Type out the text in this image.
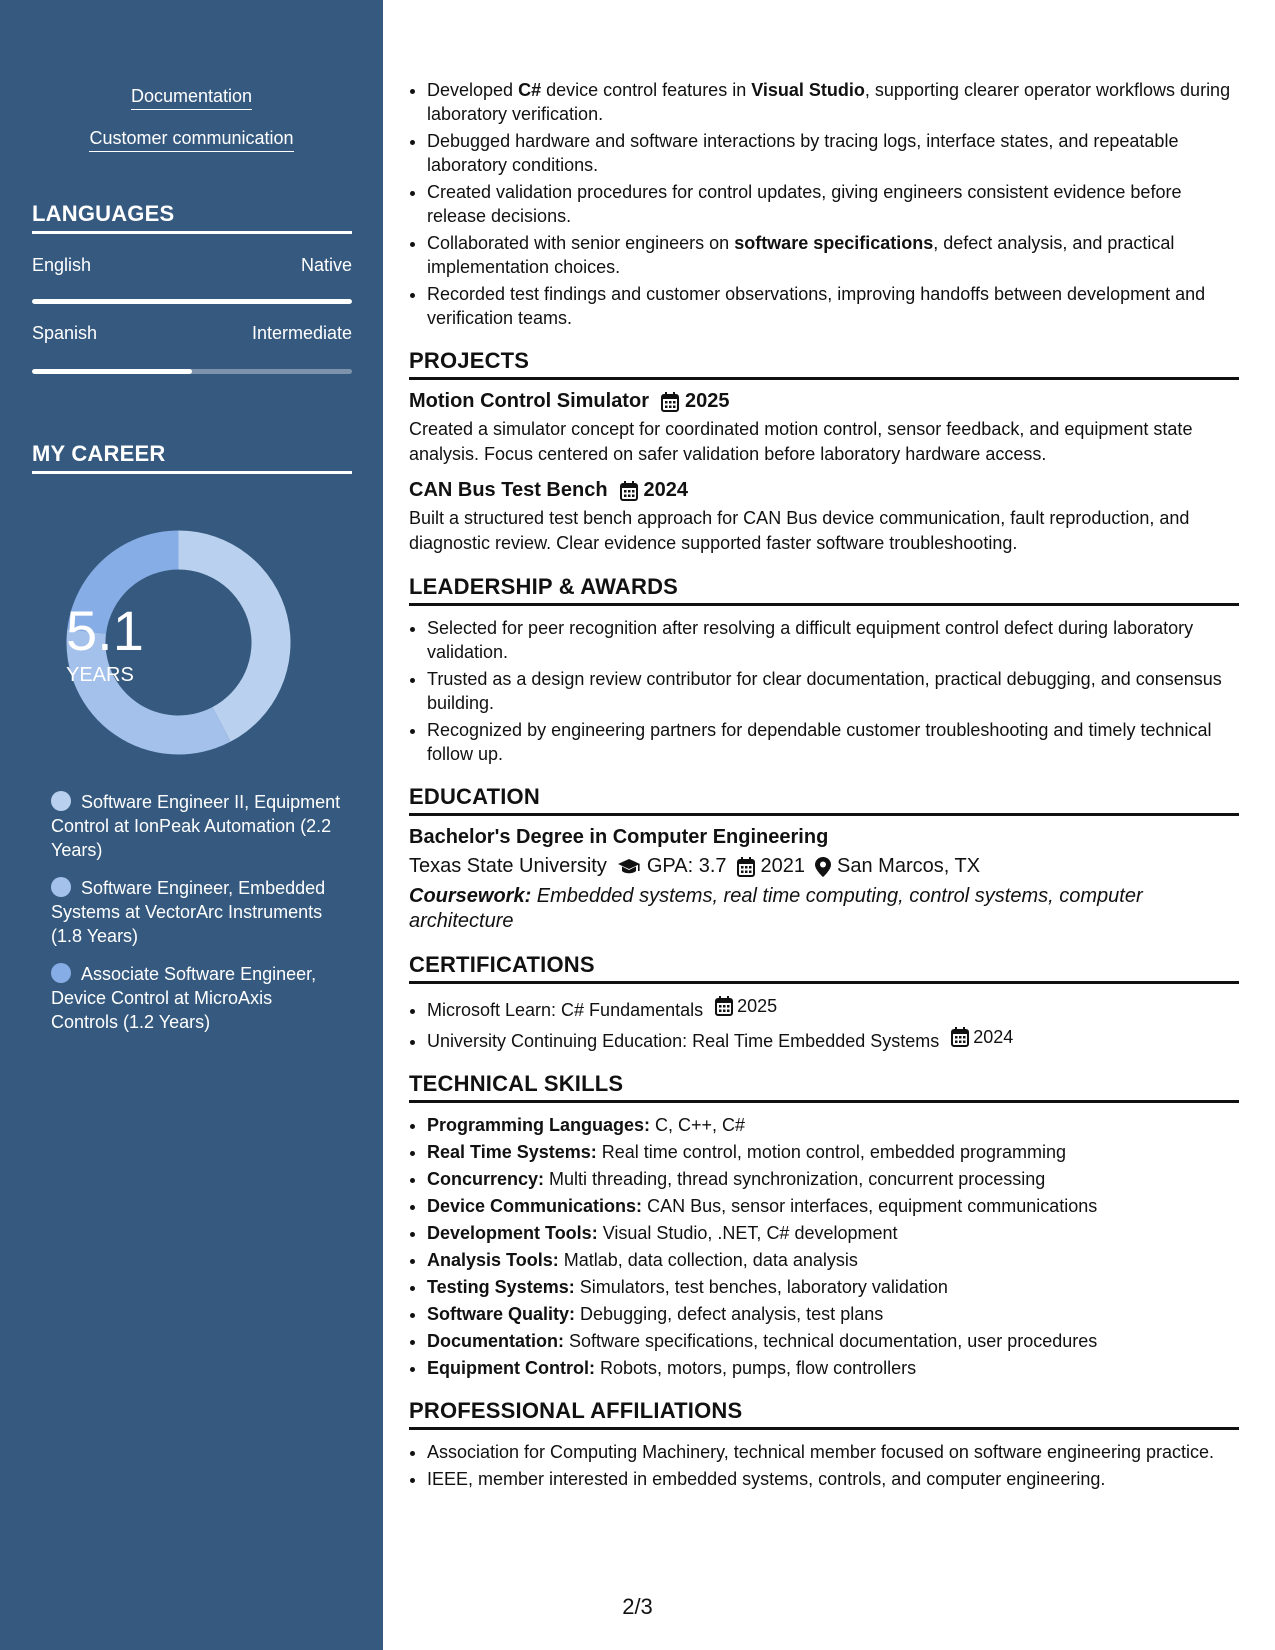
Documentation
Customer communication
LANGUAGES
English	Native
Spanish	Intermediate
MY CAREER
5.1
YEARS
Software Engineer II, Equipment Control at IonPeak Automation (2.2 Years)
Software Engineer, Embedded Systems at VectorArc Instruments (1.8 Years)
Associate Software Engineer, Device Control at MicroAxis Controls (1.2 Years)
• Developed C# device control features in Visual Studio, supporting clearer operator workflows during laboratory verification.
• Debugged hardware and software interactions by tracing logs, interface states, and repeatable laboratory conditions.
• Created validation procedures for control updates, giving engineers consistent evidence before release decisions.
• Collaborated with senior engineers on software specifications, defect analysis, and practical implementation choices.
• Recorded test findings and customer observations, improving handoffs between development and verification teams.
PROJECTS
Motion Control Simulator 2025
Created a simulator concept for coordinated motion control, sensor feedback, and equipment state analysis. Focus centered on safer validation before laboratory hardware access.
CAN Bus Test Bench 2024
Built a structured test bench approach for CAN Bus device communication, fault reproduction, and diagnostic review. Clear evidence supported faster software troubleshooting.
LEADERSHIP & AWARDS
• Selected for peer recognition after resolving a difficult equipment control defect during laboratory validation.
• Trusted as a design review contributor for clear documentation, practical debugging, and consensus building.
• Recognized by engineering partners for dependable customer troubleshooting and timely technical follow up.
EDUCATION
Bachelor's Degree in Computer Engineering
Texas State University GPA: 3.7 2021 San Marcos, TX
Coursework: Embedded systems, real time computing, control systems, computer architecture
CERTIFICATIONS
• Microsoft Learn: C# Fundamentals 2025
• University Continuing Education: Real Time Embedded Systems 2024
TECHNICAL SKILLS
• Programming Languages: C, C++, C#
• Real Time Systems: Real time control, motion control, embedded programming
• Concurrency: Multi threading, thread synchronization, concurrent processing
• Device Communications: CAN Bus, sensor interfaces, equipment communications
• Development Tools: Visual Studio, .NET, C# development
• Analysis Tools: Matlab, data collection, data analysis
• Testing Systems: Simulators, test benches, laboratory validation
• Software Quality: Debugging, defect analysis, test plans
• Documentation: Software specifications, technical documentation, user procedures
• Equipment Control: Robots, motors, pumps, flow controllers
PROFESSIONAL AFFILIATIONS
• Association for Computing Machinery, technical member focused on software engineering practice.
• IEEE, member interested in embedded systems, controls, and computer engineering.
2/3
